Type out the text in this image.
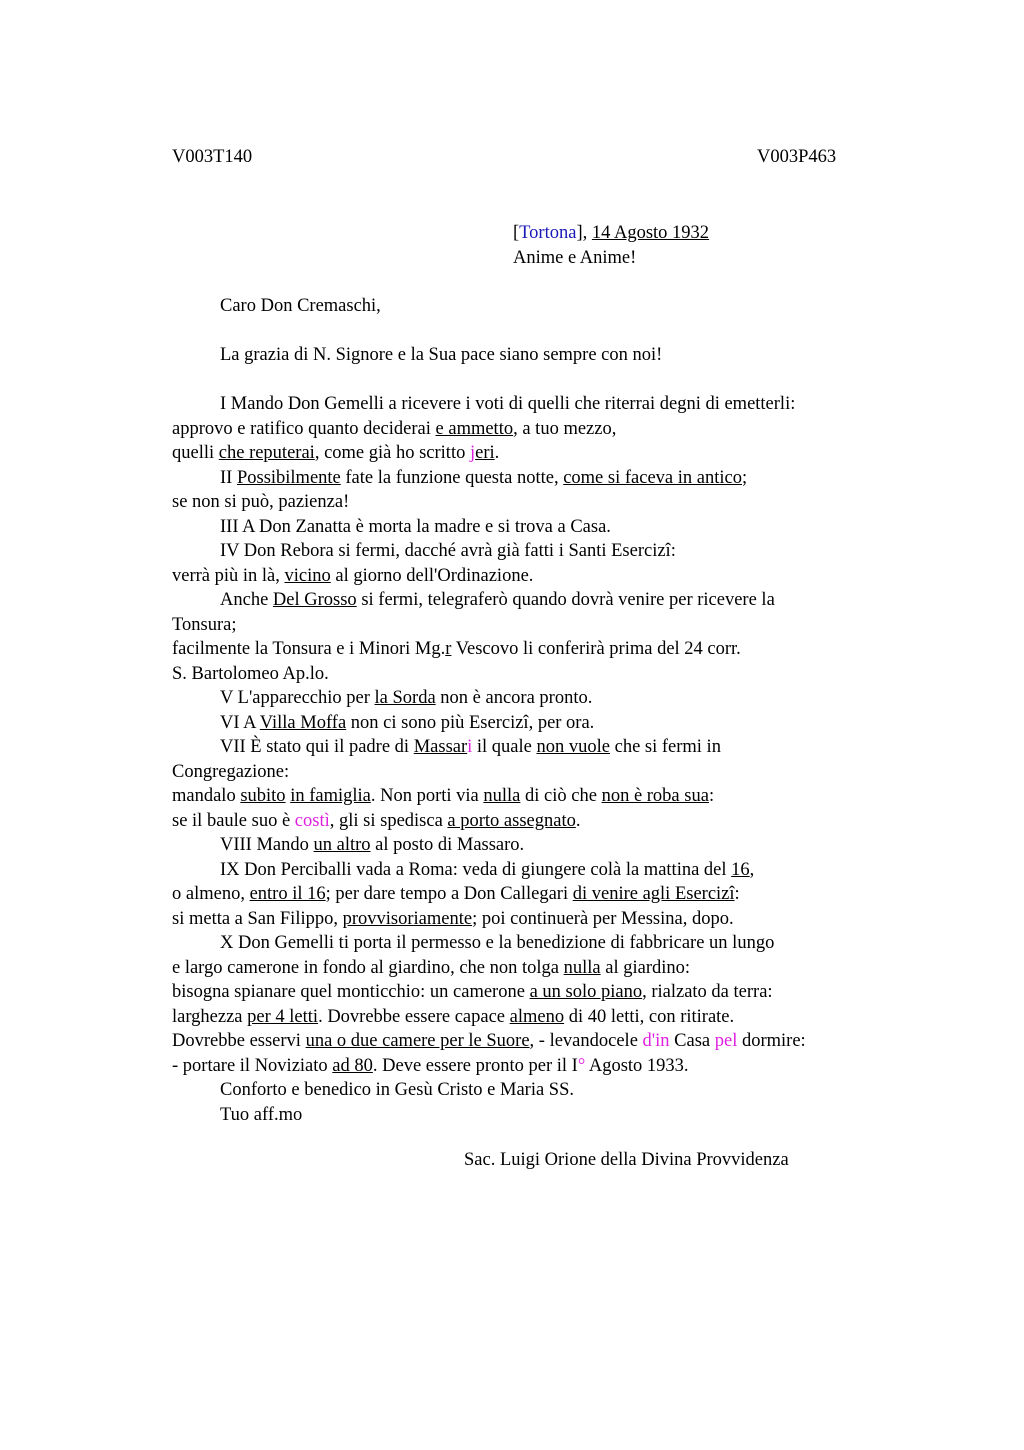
V003T140	V003P463
[Tortona], 14 Agosto 1932
Anime e Anime!
Caro Don Cremaschi,
La grazia di N. Signore e la Sua pace siano sempre con noi!
I Mando Don Gemelli a ricevere i voti di quelli che riterrai degni di emetterli:
approvo e ratifico quanto deciderai e ammetto, a tuo mezzo,
quelli che reputerai, come già ho scritto jeri.
II Possibilmente fate la funzione questa notte, come si faceva in antico;
se non si può, pazienza!
III A Don Zanatta è morta la madre e si trova a Casa.
IV Don Rebora si fermi, dacché avrà già fatti i Santi Esercizi:
verrà più in là, vicino al giorno dell'Ordinazione.
Anche Del Grosso si fermi, telegraferò quando dovrà venire per ricevere la
Tonsura;
facilmente la Tonsura e i Minori Mg.r Vescovo li conferirà prima del 24 corr.
S. Bartolomeo Ap.lo.
V L'apparecchio per la Sorda non è ancora pronto.
VI A Villa Moffa non ci sono più Esercizi, per ora.
VII È stato qui il padre di Massari il quale non vuole che si fermi in
Congregazione:
mandalo subito in famiglia. Non porti via nulla di ciò che non è roba sua:
se il baule suo è costì, gli si spedisca a porto assegnato.
VIII Mando un altro al posto di Massaro.
IX Don Perciballi vada a Roma: veda di giungere colà la mattina del 16,
o almeno, entro il 16; per dare tempo a Don Callegari di venire agli Esercizi:
si metta a San Filippo, provvisoriamente; poi continuerà per Messina, dopo.
X Don Gemelli ti porta il permesso e la benedizione di fabbricare un lungo
e largo camerone in fondo al giardino, che non tolga nulla al giardino:
bisogna spianare quel monticchio: un camerone a un solo piano, rialzato da terra:
larghezza per 4 letti. Dovrebbe essere capace almeno di 40 letti, con ritirate.
Dovrebbe esservi una o due camere per le Suore, - levandocele d'in Casa pel dormire:
- portare il Noviziato ad 80. Deve essere pronto per il I° Agosto 1933.
Conforto e benedico in Gesù Cristo e Maria SS.
Tuo aff.mo
Sac. Luigi Orione della Divina Provvidenza
